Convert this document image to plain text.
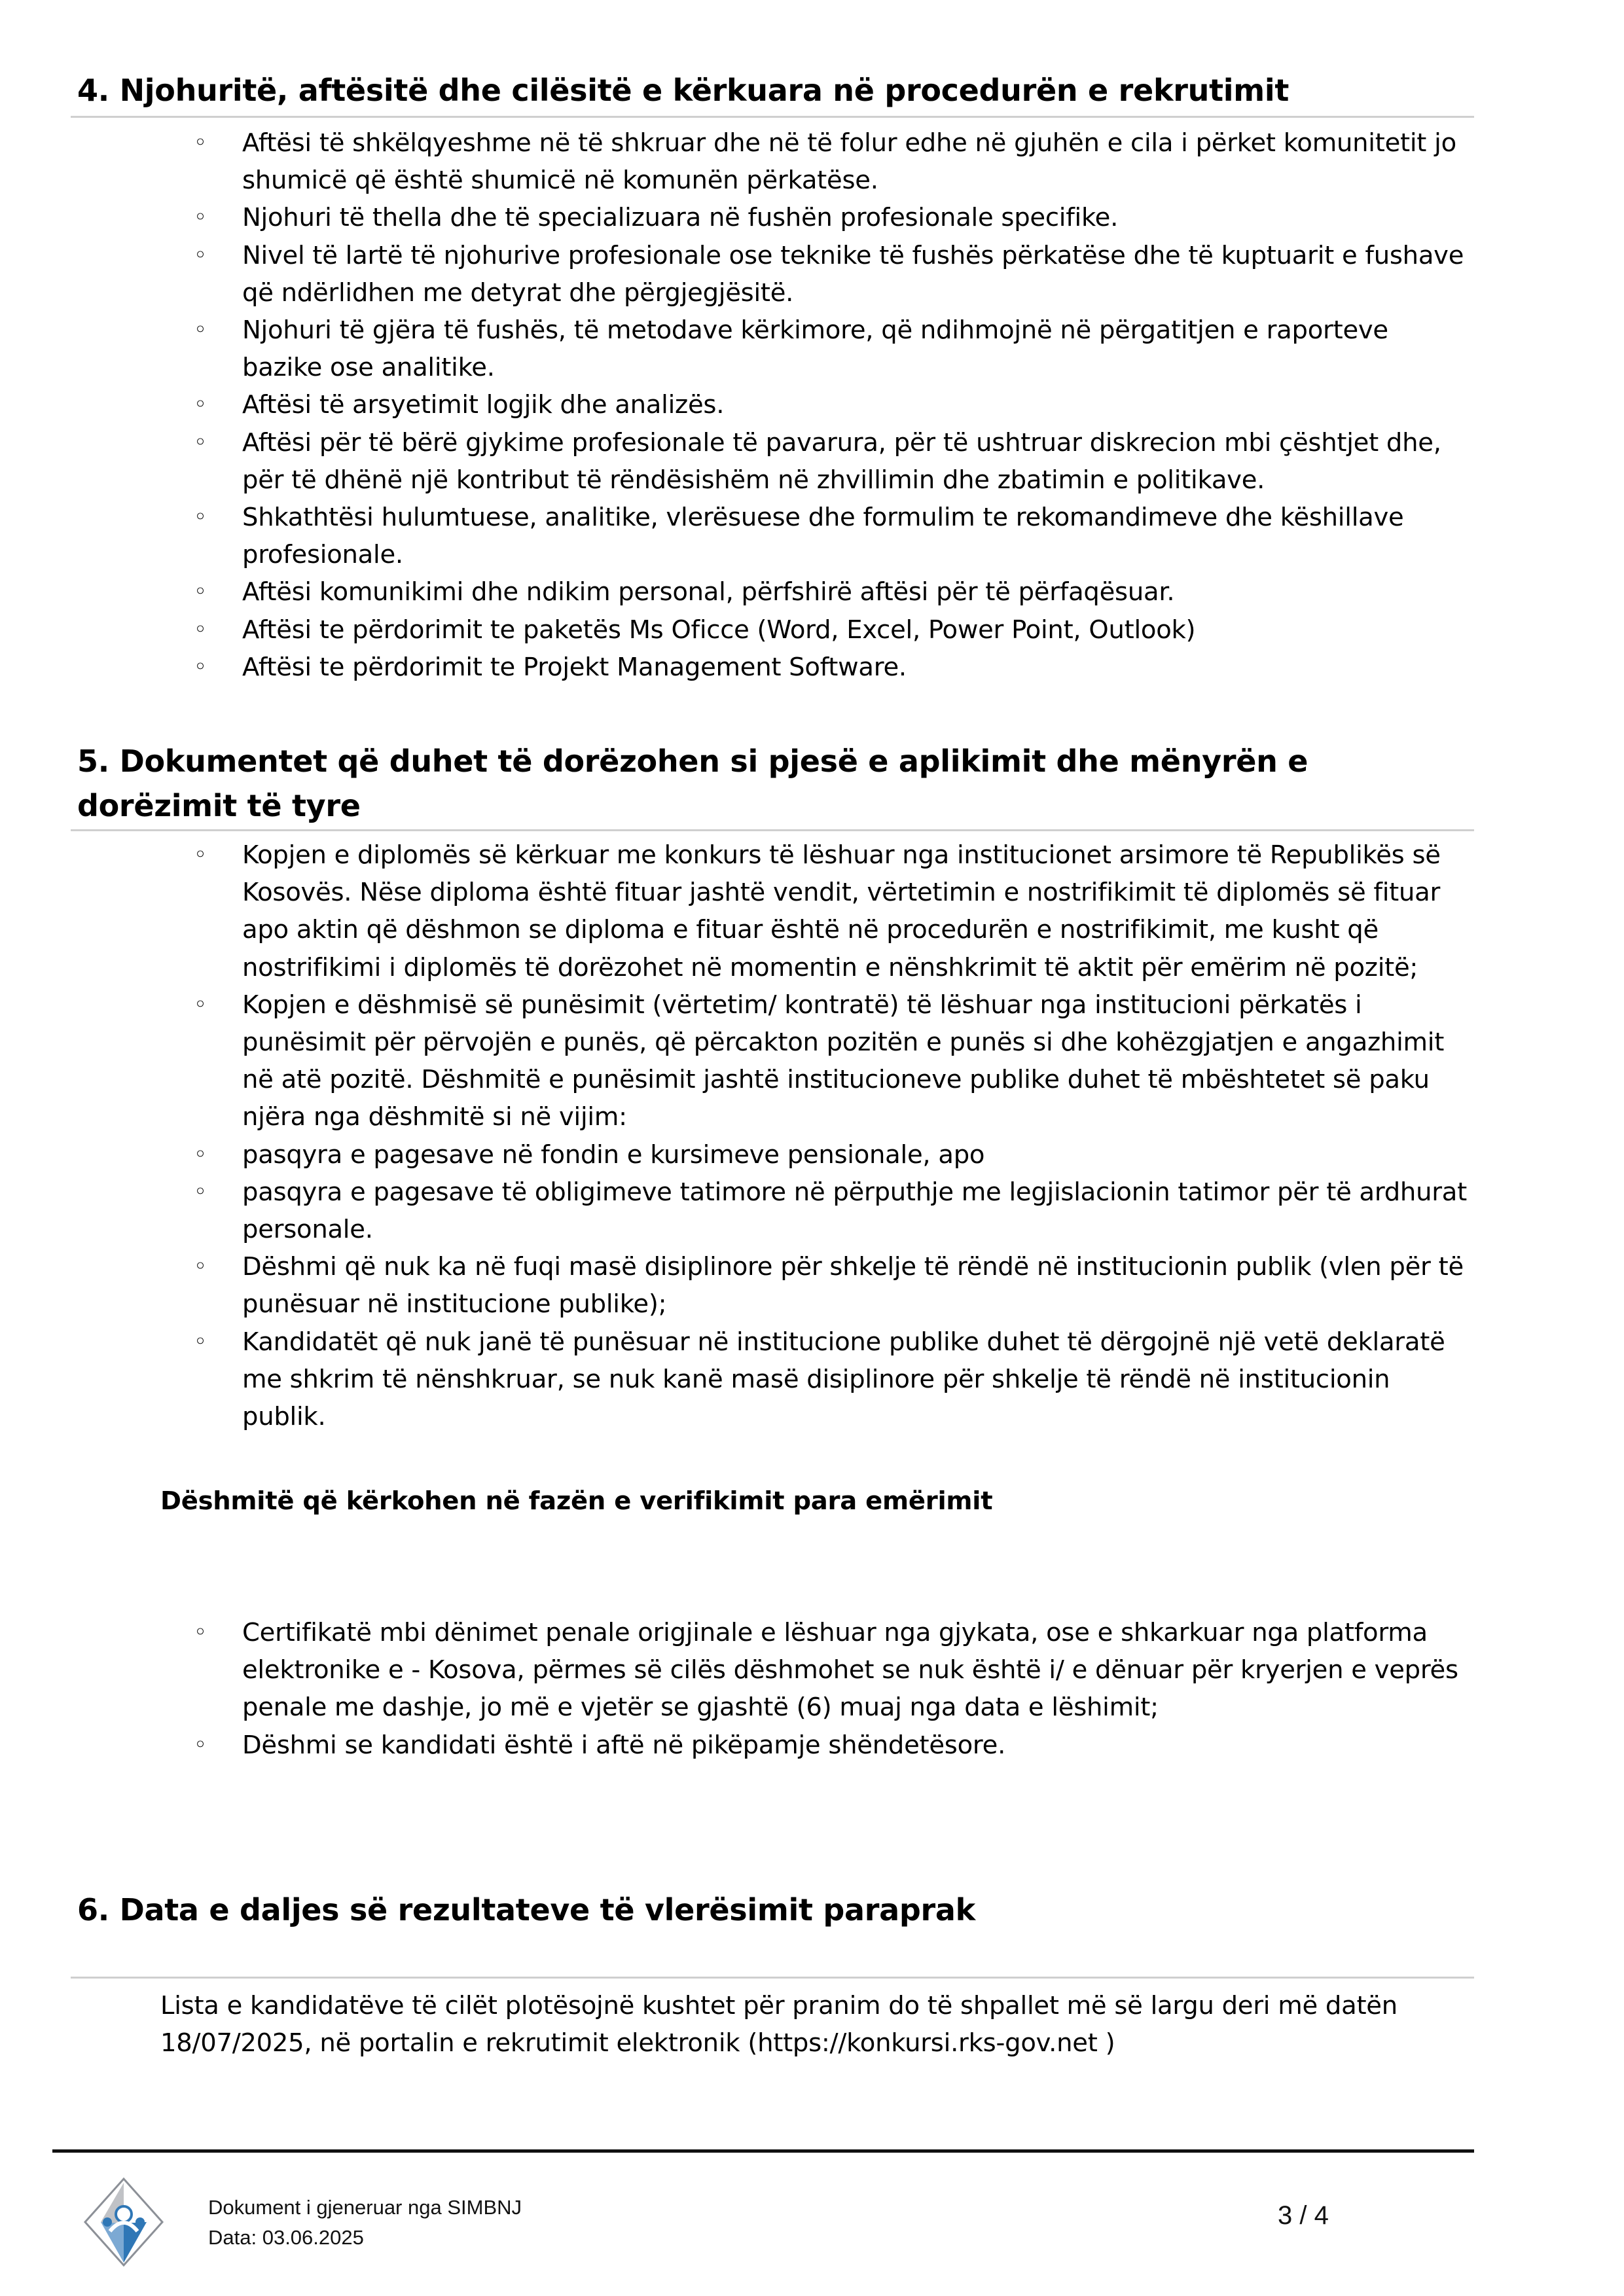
4. Njohuritë, aftësitë dhe cilësitë e kërkuara në procedurën e rekrutimit
◦ Aftësi të shkëlqyeshme në të shkruar dhe në të folur edhe në gjuhën e cila i përket komunitetit jo shumicë që është shumicë në komunën përkatëse.
◦ Njohuri të thella dhe të specializuara në fushën profesionale specifike.
◦ Nivel të lartë të njohurive profesionale ose teknike të fushës përkatëse dhe të kuptuarit e fushave që ndërlidhen me detyrat dhe përgjegjësitë.
◦ Njohuri të gjëra të fushës, të metodave kërkimore, që ndihmojnë në përgatitjen e raporteve bazike ose analitike.
◦ Aftësi të arsyetimit logjik dhe analizës.
◦ Aftësi për të bërë gjykime profesionale të pavarura, për të ushtruar diskrecion mbi çështjet dhe, për të dhënë një kontribut të rëndësishëm në zhvillimin dhe zbatimin e politikave.
◦ Shkathtësi hulumtuese, analitike, vlerësuese dhe formulim te rekomandimeve dhe këshillave profesionale.
◦ Aftësi komunikimi dhe ndikim personal, përfshirë aftësi për të përfaqësuar.
◦ Aftësi te përdorimit te paketës Ms Oficce (Word, Excel, Power Point, Outlook)
◦ Aftësi te përdorimit te Projekt Management Software.
5. Dokumentet që duhet të dorëzohen si pjesë e aplikimit dhe mënyrën e dorëzimit të tyre
◦ Kopjen e diplomës së kërkuar me konkurs të lëshuar nga institucionet arsimore të Republikës së Kosovës. Nëse diploma është fituar jashtë vendit, vërtetimin e nostrifikimit të diplomës së fituar apo aktin që dëshmon se diploma e fituar është në procedurën e nostrifikimit, me kusht që nostrifikimi i diplomës të dorëzohet në momentin e nënshkrimit të aktit për emërim në pozitë;
◦ Kopjen e dëshmisë së punësimit (vërtetim/ kontratë) të lëshuar nga institucioni përkatës i punësimit për përvojën e punës, që përcakton pozitën e punës si dhe kohëzgjatjen e angazhimit në atë pozitë. Dëshmitë e punësimit jashtë institucioneve publike duhet të mbështetet së paku njëra nga dëshmitë si në vijim:
◦ pasqyra e pagesave në fondin e kursimeve pensionale, apo
◦ pasqyra e pagesave të obligimeve tatimore në përputhje me legjislacionin tatimor për të ardhurat personale.
◦ Dëshmi që nuk ka në fuqi masë disiplinore për shkelje të rëndë në institucionin publik (vlen për të punësuar në institucione publike);
◦ Kandidatët që nuk janë të punësuar në institucione publike duhet të dërgojnë një vetë deklaratë me shkrim të nënshkruar, se nuk kanë masë disiplinore për shkelje të rëndë në institucionin publik.
Dëshmitë që kërkohen në fazën e verifikimit para emërimit
◦ Certifikatë mbi dënimet penale origjinale e lëshuar nga gjykata, ose e shkarkuar nga platforma elektronike e - Kosova, përmes së cilës dëshmohet se nuk është i/ e dënuar për kryerjen e veprës penale me dashje, jo më e vjetër se gjashtë (6) muaj nga data e lëshimit;
◦ Dëshmi se kandidati është i aftë në pikëpamje shëndetësore.
6. Data e daljes së rezultateve të vlerësimit paraprak

Lista e kandidatëve të cilët plotësojnë kushtet për pranim do të shpallet më së largu deri më datën 18/07/2025, në portalin e rekrutimit elektronik (https://konkursi.rks-gov.net )

Dokument i gjeneruar nga SIMBNJ
Data: 03.06.2025
3 / 4
